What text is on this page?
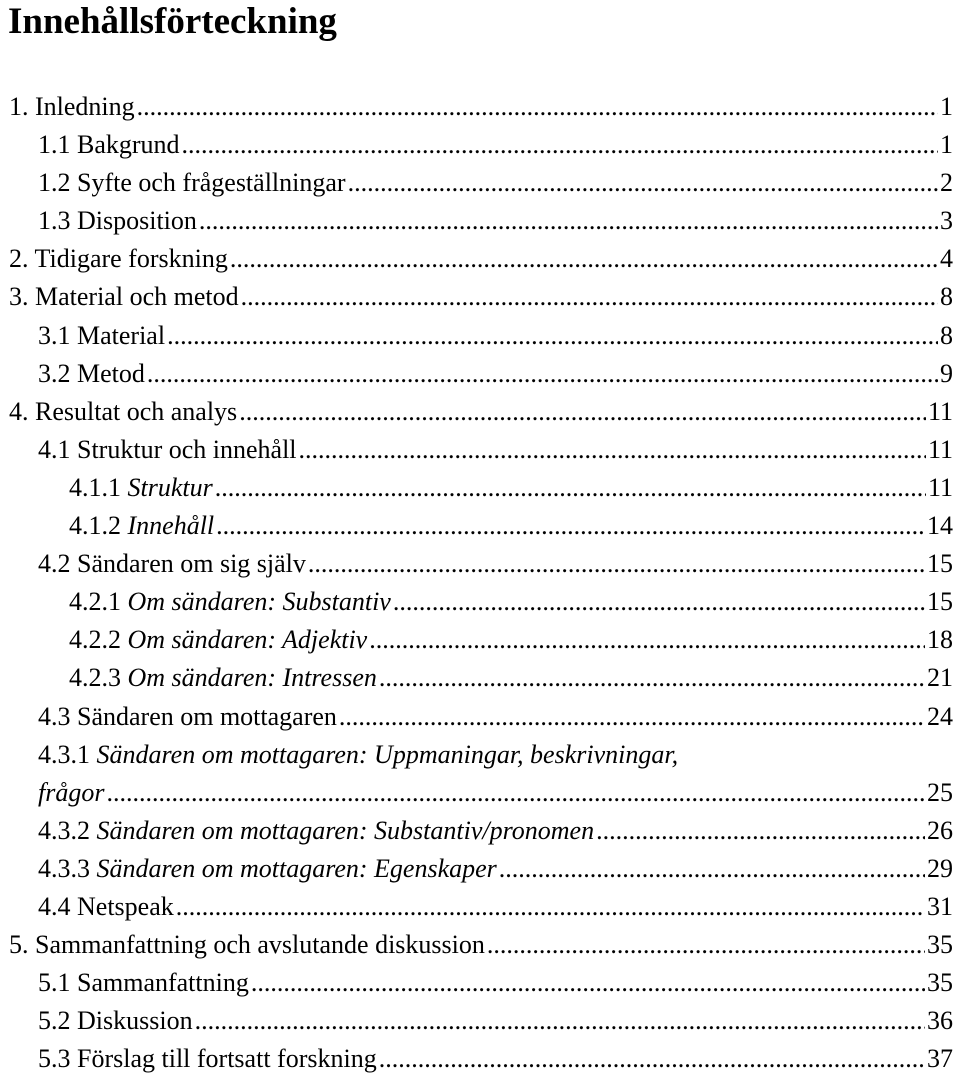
Innehållsförteckning
1. Inledning .....	1
1.1 Bakgrund .....	1
1.2 Syfte och frågeställningar .....	2
1.3 Disposition .....	3
2. Tidigare forskning .....	4
3. Material och metod .....	8
3.1 Material .....	8
3.2 Metod .....	9
4. Resultat och analys .....	11
4.1 Struktur och innehåll .....	11
4.1.1 Struktur .....	11
4.1.2 Innehåll .....	14
4.2 Sändaren om sig själv .....	15
4.2.1 Om sändaren: Substantiv .....	15
4.2.2 Om sändaren: Adjektiv .....	18
4.2.3 Om sändaren: Intressen .....	21
4.3 Sändaren om mottagaren .....	24
4.3.1 Sändaren om mottagaren: Uppmaningar, beskrivningar,
frågor .....	25
4.3.2 Sändaren om mottagaren: Substantiv/pronomen .....	26
4.3.3 Sändaren om mottagaren: Egenskaper .....	29
4.4 Netspeak .....	31
5. Sammanfattning och avslutande diskussion .....	35
5.1 Sammanfattning .....	35
5.2 Diskussion .....	36
5.3 Förslag till fortsatt forskning .....	37
